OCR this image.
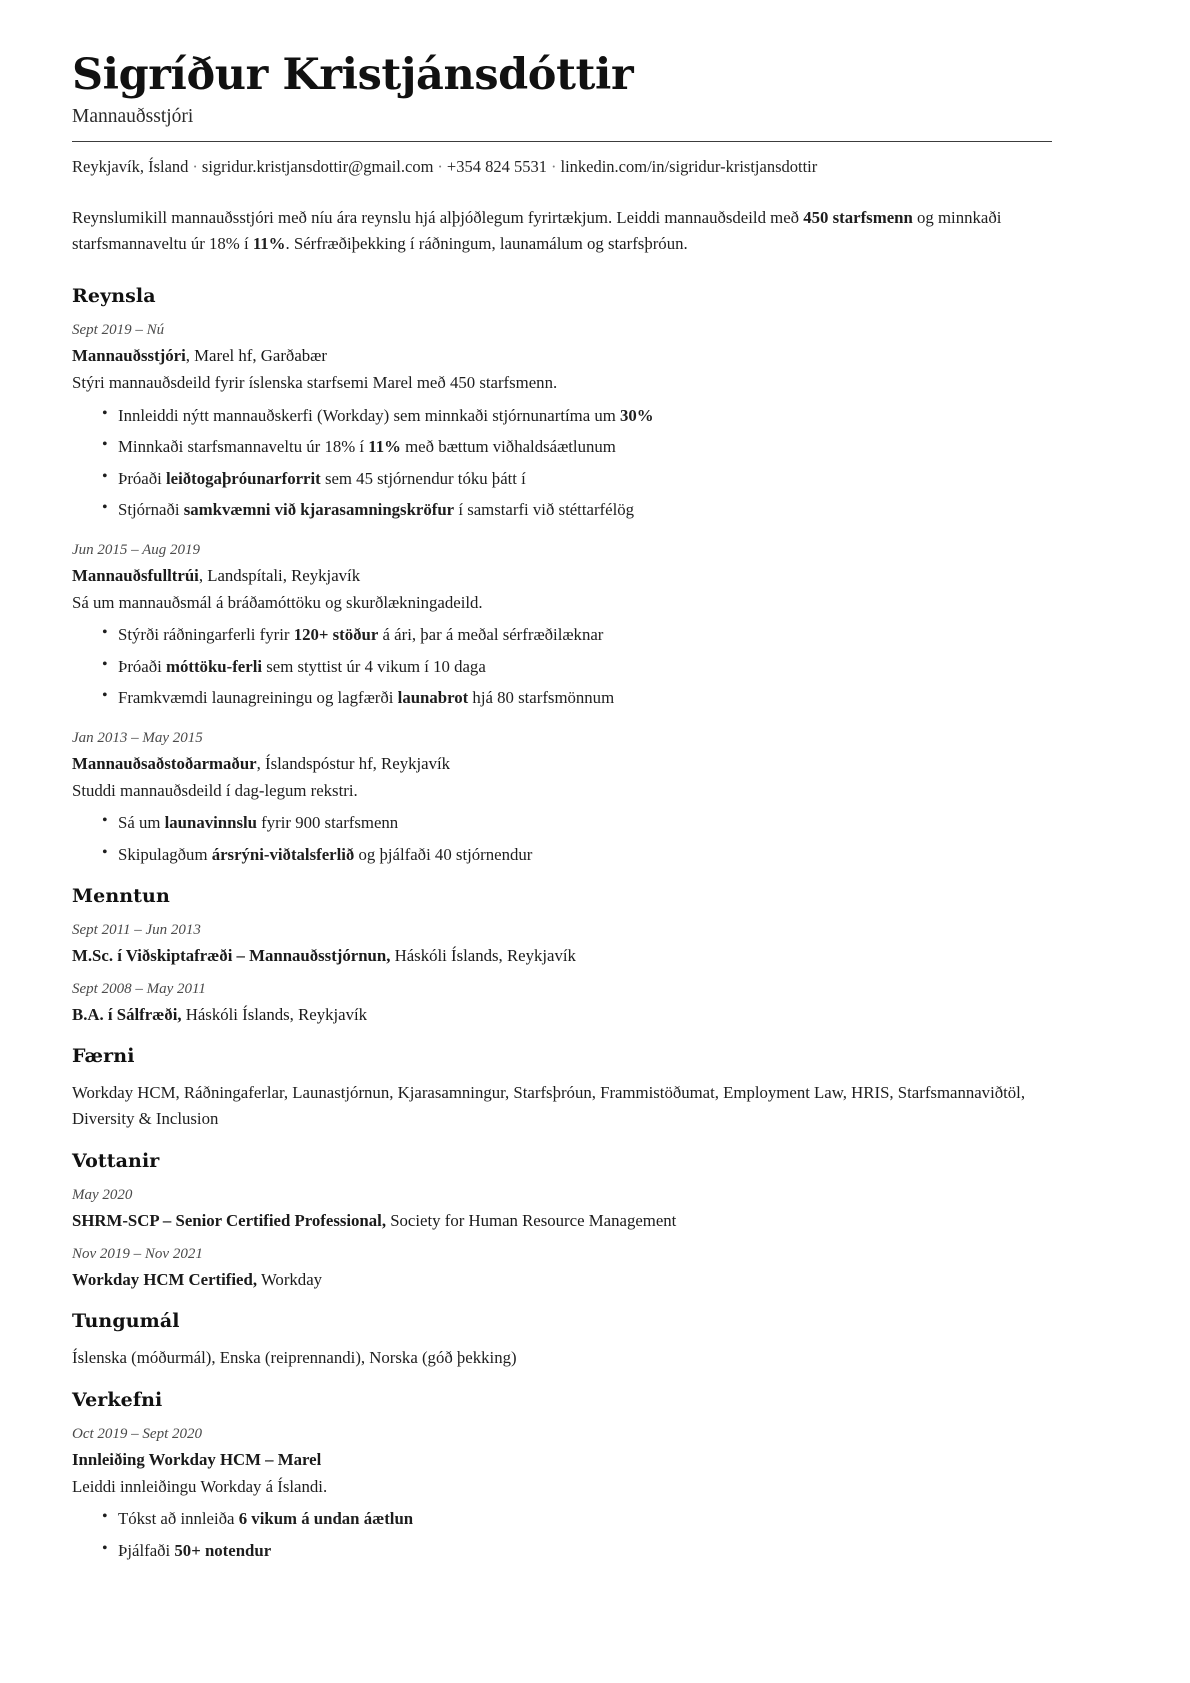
Sigríður Kristjánsdóttir
Mannauðsstjóri
Reykjavík, Ísland · sigridur.kristjansdottir@gmail.com · +354 824 5531 · linkedin.com/in/sigridur-kristjansdottir

Reynslumikill mannauðsstjóri með níu ára reynslu hjá alþjóðlegum fyrirtækjum. Leiddi mannauðsdeild með 450 starfsmenn og minnkaði starfsmannaveltu úr 18% í 11%. Sérfræðiþekking í ráðningum, launamálum og starfsþróun.

Reynsla
Sept 2019 – Nú
Mannauðsstjóri, Marel hf, Garðabær
Stýri mannauðsdeild fyrir íslenska starfsemi Marel með 450 starfsmenn.
• Innleiddi nýtt mannauðskerfi (Workday) sem minnkaði stjórnunartíma um 30%
• Minnkaði starfsmannaveltu úr 18% í 11% með bættum viðhaldsáætlunum
• Þróaði leiðtogaþróunarforrit sem 45 stjórnendur tóku þátt í
• Stjórnaði samkvæmni við kjarasamningskröfur í samstarfi við stéttarfélög
Jun 2015 – Aug 2019
Mannauðsfulltrúi, Landspítali, Reykjavík
Sá um mannauðsmál á bráðamóttöku og skurðlækningadeild.
• Stýrði ráðningarferli fyrir 120+ stöður á ári, þar á meðal sérfræðilæknar
• Þróaði móttöku-ferli sem styttist úr 4 vikum í 10 daga
• Framkvæmdi launagreiningu og lagfærði launabrot hjá 80 starfsmönnum
Jan 2013 – May 2015
Mannauðsaðstoðarmaður, Íslandspóstur hf, Reykjavík
Studdi mannauðsdeild í dag-legum rekstri.
• Sá um launavinnslu fyrir 900 starfsmenn
• Skipulagðum ársrýni-viðtalsferlið og þjálfaði 40 stjórnendur
Menntun
Sept 2011 – Jun 2013
M.Sc. í Viðskiptafræði – Mannauðsstjórnun, Háskóli Íslands, Reykjavík
Sept 2008 – May 2011
B.A. í Sálfræði, Háskóli Íslands, Reykjavík
Færni

Workday HCM, Ráðningaferlar, Launastjórnun, Kjarasamningur, Starfsþróun, Frammistöðumat, Employment Law, HRIS, Starfsmannaviðtöl, Diversity & Inclusion

Vottanir
May 2020
SHRM-SCP – Senior Certified Professional, Society for Human Resource Management
Nov 2019 – Nov 2021
Workday HCM Certified, Workday
Tungumál

Íslenska (móðurmál), Enska (reiprennandi), Norska (góð þekking)

Verkefni
Oct 2019 – Sept 2020
Innleiðing Workday HCM – Marel
Leiddi innleiðingu Workday á Íslandi.
• Tókst að innleiða 6 vikum á undan áætlun
• Þjálfaði 50+ notendur
